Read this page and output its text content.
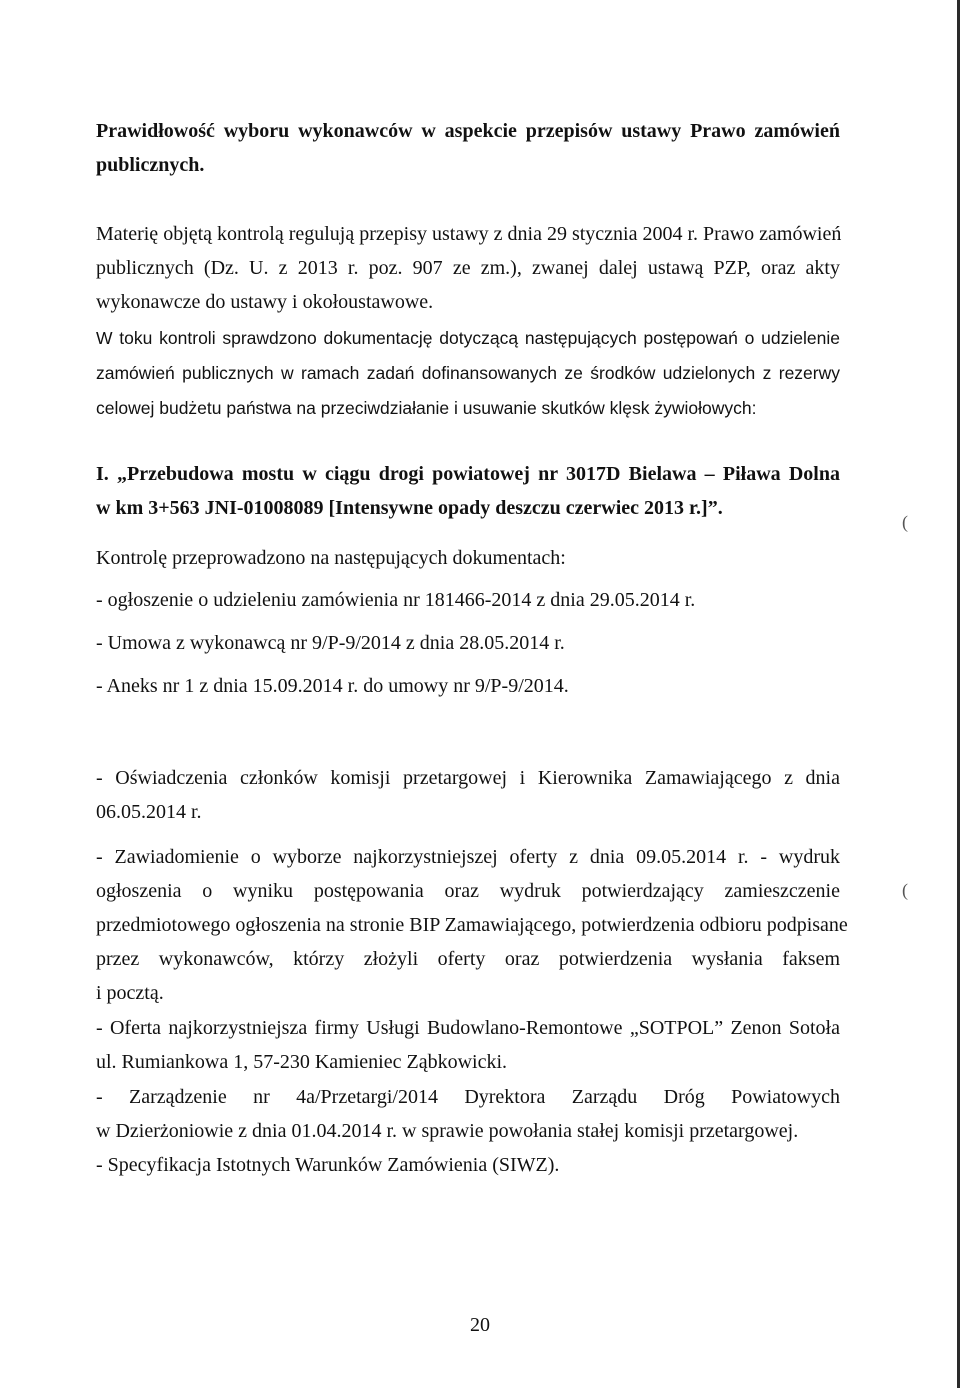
(
(
Prawidłowość wyboru wykonawców w aspekcie przepisów ustawy Prawo zamówień
publicznych.
Materię objętą kontrolą regulują przepisy ustawy z dnia 29 stycznia 2004 r. Prawo zamówień
publicznych (Dz. U. z 2013 r. poz. 907 ze zm.), zwanej dalej ustawą PZP, oraz akty
wykonawcze do ustawy i okołoustawowe.
W toku kontroli sprawdzono dokumentację dotyczącą następujących postępowań o udzielenie
zamówień publicznych w ramach zadań dofinansowanych ze środków udzielonych z rezerwy
celowej budżetu państwa na przeciwdziałanie i usuwanie skutków klęsk żywiołowych:
I. „Przebudowa mostu w ciągu drogi powiatowej nr 3017D Bielawa – Piława Dolna
w km 3+563 JNI-01008089 [Intensywne opady deszczu czerwiec 2013 r.]”.
Kontrolę przeprowadzono na następujących dokumentach:
- ogłoszenie o udzieleniu zamówienia nr 181466-2014 z dnia 29.05.2014 r.
- Umowa z wykonawcą nr 9/P-9/2014 z dnia 28.05.2014 r.
- Aneks nr 1 z dnia 15.09.2014 r. do umowy nr 9/P-9/2014.
- Oświadczenia członków komisji przetargowej i Kierownika Zamawiającego z dnia
06.05.2014 r.
- Zawiadomienie o wyborze najkorzystniejszej oferty z dnia 09.05.2014 r. - wydruk
ogłoszenia o wyniku postępowania oraz wydruk potwierdzający zamieszczenie
przedmiotowego ogłoszenia na stronie BIP Zamawiającego, potwierdzenia odbioru podpisane
przez wykonawców, którzy złożyli oferty oraz potwierdzenia wysłania faksem
i pocztą.
- Oferta najkorzystniejsza firmy Usługi Budowlano-Remontowe „SOTPOL” Zenon Sotoła
ul. Rumiankowa 1, 57-230 Kamieniec Ząbkowicki.
- Zarządzenie nr 4a/Przetargi/2014 Dyrektora Zarządu Dróg Powiatowych
w Dzierżoniowie z dnia 01.04.2014 r. w sprawie powołania stałej komisji przetargowej.
- Specyfikacja Istotnych Warunków Zamówienia (SIWZ).
20
